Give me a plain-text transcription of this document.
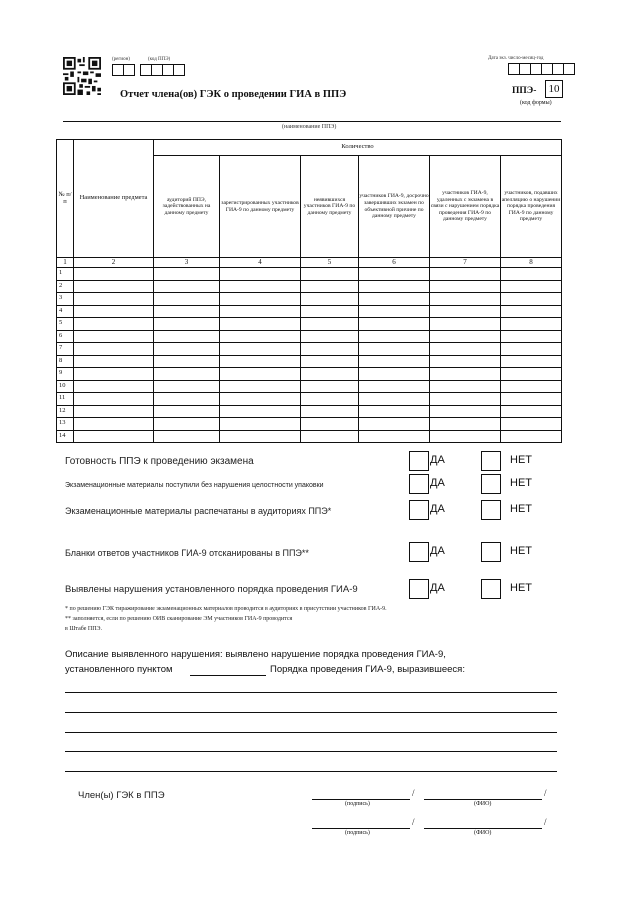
(регион)	(код ППЭ)	Дата экз. число-месяц-год
Отчет члена(ов) ГЭК о проведении ГИА в ППЭ	ППЭ-	10
(код формы)
(наименование ППЭ)
№ п/п	Наименование предмета	Количество					
		аудиторий ППЭ, задействованных на данному предмету	зарегистрированных участников ГИА-9 по данному предмету	неявившихся участников ГИА-9 по данному предмету	участников ГИА-9, досрочно завершивших экзамен по объективной причине по данному предмету	участников ГИА-9, удаленных с экзамена в связи с нарушением порядка проведения ГИА-9 по данному предмету	участников, подавших апелляцию о нарушении порядка проведения ГИА-9 по данному предмету
1	2	3	4	5	6	7	8
1							
2							
3							
4							
5							
6							
7							
8							
9							
10							
11							
12							
13							
14							
Готовность ППЭ к проведению экзамена	ДА	НЕТ
Экзаменационные материалы поступили без нарушения целостности упаковки	ДА	НЕТ
Экзаменационные материалы распечатаны в аудиториях ППЭ*	ДА	НЕТ
Бланки ответов участников ГИА-9 отсканированы в ППЭ**	ДА	НЕТ
Выявлены нарушения установленного порядка проведения ГИА-9	ДА	НЕТ
* по решению ГЭК тиражирование экзаменационных материалов проводится в аудиториях в присутствии участников ГИА-9.
** заполняется, если по решению ОИВ сканирование ЭМ участников ГИА-9 проводится
в Штабе ППЭ.
Описание выявленного нарушения: выявлено нарушение порядка проведения ГИА-9,
установленного пунктом	Порядка проведения ГИА-9, выразившееся:
Член(ы) ГЭК в ППЭ	/	/
(подпись)	(ФИО)
/	/
(подпись)	(ФИО)
